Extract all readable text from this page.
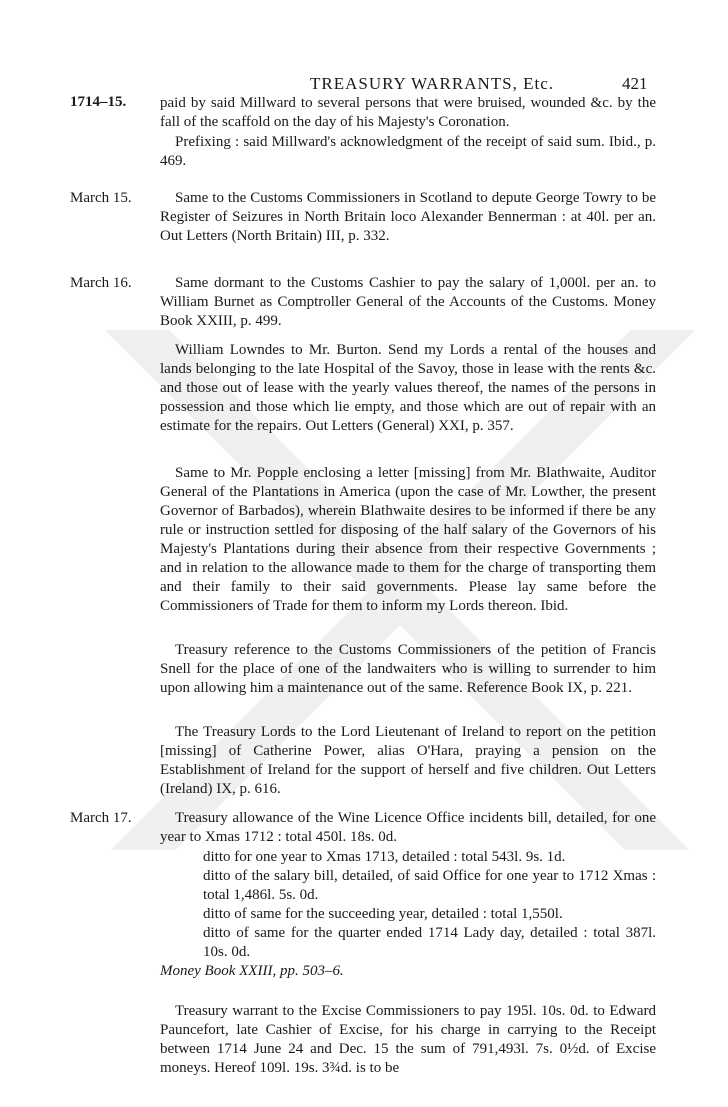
TREASURY WARRANTS, Etc.	421
1714–15. paid by said Millward to several persons that were bruised, wounded &c. by the fall of the scaffold on the day of his Majesty's Coronation.

Prefixing : said Millward's acknowledgment of the receipt of said sum. Ibid., p. 469.

March 15.	Same to the Customs Commissioners in Scotland to depute George Towry to be Register of Seizures in North Britain loco Alexander Bennerman : at 40l. per an. Out Letters (North Britain) III, p. 332.

March 16.	Same dormant to the Customs Cashier to pay the salary of 1,000l. per an. to William Burnet as Comptroller General of the Accounts of the Customs. Money Book XXIII, p. 499.

William Lowndes to Mr. Burton. Send my Lords a rental of the houses and lands belonging to the late Hospital of the Savoy, those in lease with the rents &c. and those out of lease with the yearly values thereof, the names of the persons in possession and those which lie empty, and those which are out of repair with an estimate for the repairs. Out Letters (General) XXI, p. 357.

Same to Mr. Popple enclosing a letter [missing] from Mr. Blathwaite, Auditor General of the Plantations in America (upon the case of Mr. Lowther, the present Governor of Barbados), wherein Blathwaite desires to be informed if there be any rule or instruction settled for disposing of the half salary of the Governors of his Majesty's Plantations during their absence from their respective Governments ; and in relation to the allowance made to them for the charge of transporting them and their family to their said governments. Please lay same before the Commissioners of Trade for them to inform my Lords thereon. Ibid.

Treasury reference to the Customs Commissioners of the petition of Francis Snell for the place of one of the landwaiters who is willing to surrender to him upon allowing him a maintenance out of the same. Reference Book IX, p. 221.

The Treasury Lords to the Lord Lieutenant of Ireland to report on the petition [missing] of Catherine Power, alias O'Hara, praying a pension on the Establishment of Ireland for the support of herself and five children. Out Letters (Ireland) IX, p. 616.

March 17.	Treasury allowance of the Wine Licence Office incidents bill, detailed, for one year to Xmas 1712 : total 450l. 18s. 0d.

ditto for one year to Xmas 1713, detailed : total 543l. 9s. 1d.

ditto of the salary bill, detailed, of said Office for one year to 1712 Xmas : total 1,486l. 5s. 0d.

ditto of same for the succeeding year, detailed : total 1,550l.

ditto of same for the quarter ended 1714 Lady day, detailed : total 387l. 10s. 0d.

Money Book XXIII, pp. 503–6.

Treasury warrant to the Excise Commissioners to pay 195l. 10s. 0d. to Edward Pauncefort, late Cashier of Excise, for his charge in carrying to the Receipt between 1714 June 24 and Dec. 15 the sum of 791,493l. 7s. 0½d. of Excise moneys. Hereof 109l. 19s. 3¾d. is to be
